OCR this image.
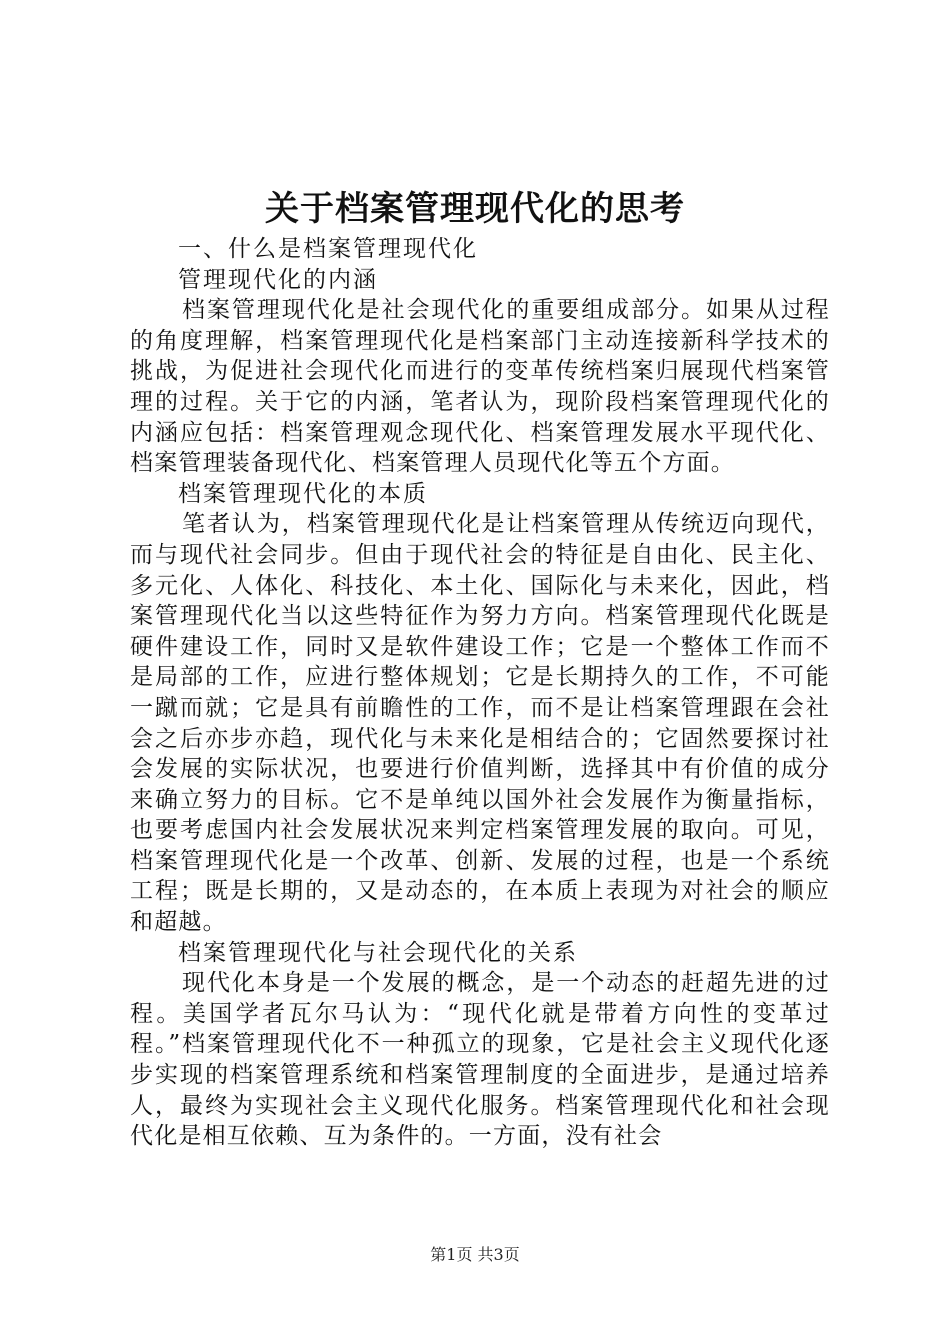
关于档案管理现代化的思考

一、什么是档案管理现代化

管理现代化的内涵

档案管理现代化是社会现代化的重要组成部分。如果从过程的角度理解，档案管理现代化是档案部门主动连接新科学技术的挑战，为促进社会现代化而进行的变革传统档案归展现代档案管理的过程。关于它的内涵，笔者认为，现阶段档案管理现代化的内涵应包括：档案管理观念现代化、档案管理发展水平现代化、档案管理装备现代化、档案管理人员现代化等五个方面。

档案管理现代化的本质

笔者认为，档案管理现代化是让档案管理从传统迈向现代，而与现代社会同步。但由于现代社会的特征是自由化、民主化、多元化、人体化、科技化、本土化、国际化与未来化，因此，档案管理现代化当以这些特征作为努力方向。档案管理现代化既是硬件建设工作，同时又是软件建设工作；它是一个整体工作而不是局部的工作，应进行整体规划；它是长期持久的工作，不可能一蹴而就；它是具有前瞻性的工作，而不是让档案管理跟在会社会之后亦步亦趋，现代化与未来化是相结合的；它固然要探讨社会发展的实际状况，也要进行价值判断，选择其中有价值的成分来确立努力的目标。它不是单纯以国外社会发展作为衡量指标，也要考虑国内社会发展状况来判定档案管理发展的取向。可见，档案管理现代化是一个改革、创新、发展的过程，也是一个系统工程；既是长期的，又是动态的，在本质上表现为对社会的顺应和超越。

档案管理现代化与社会现代化的关系

现代化本身是一个发展的概念，是一个动态的赶超先进的过程。美国学者瓦尔马认为：“现代化就是带着方向性的变革过程。”档案管理现代化不一种孤立的现象，它是社会主义现代化逐步实现的档案管理系统和档案管理制度的全面进步，是通过培养人，最终为实现社会主义现代化服务。档案管理现代化和社会现代化是相互依赖、互为条件的。一方面，没有社会

第1页 共3页
